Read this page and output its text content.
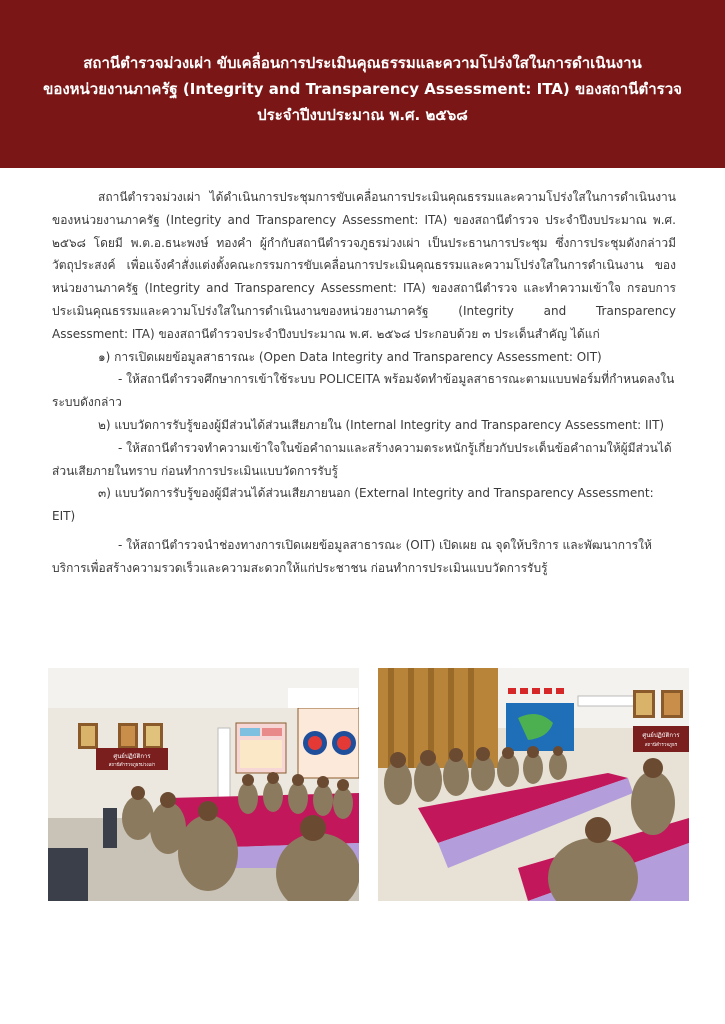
สถานีตำรวจม่วงเผ่า ขับเคลื่อนการประเมินคุณธรรมและความโปร่งใสในการดำเนินงาน
ของหน่วยงานภาครัฐ (Integrity and Transparency Assessment: ITA) ของสถานีตำรวจ
ประจำปีงบประมาณ พ.ศ. ๒๕๖๘

สถานีตำรวจม่วงเผ่า ได้ดำเนินการประชุมการขับเคลื่อนการประเมินคุณธรรมและความโปร่งใสในการดำเนินงานของหน่วยงานภาครัฐ (Integrity and Transparency Assessment: ITA) ของสถานีตำรวจ ประจำปีงบประมาณ พ.ศ. ๒๕๖๘ โดยมี พ.ต.อ.ธนะพงษ์ ทองคำ ผู้กำกับสถานีตำรวจภูธรม่วงเผ่า เป็นประธานการประชุม ซึ่งการประชุมดังกล่าวมีวัตถุประสงค์ เพื่อแจ้งคำสั่งแต่งตั้งคณะกรรมการขับเคลื่อนการประเมินคุณธรรมและความโปร่งใสในการดำเนินงาน ของหน่วยงานภาครัฐ (Integrity and Transparency Assessment: ITA) ของสถานีตำรวจ และทำความเข้าใจ กรอบการประเมินคุณธรรมและความโปร่งใสในการดำเนินงานของหน่วยงานภาครัฐ (Integrity and Transparency Assessment: ITA) ของสถานีตำรวจประจำปีงบประมาณ พ.ศ. ๒๕๖๘ ประกอบด้วย ๓ ประเด็นสำคัญ ได้แก่

๑) การเปิดเผยข้อมูลสาธารณะ (Open Data Integrity and Transparency Assessment: OIT)

- ให้สถานีตำรวจศึกษาการเข้าใช้ระบบ POLICEITA พร้อมจัดทำข้อมูลสาธารณะตามแบบฟอร์มที่กำหนดลงในระบบดังกล่าว

๒) แบบวัดการรับรู้ของผู้มีส่วนได้ส่วนเสียภายใน (Internal Integrity and Transparency Assessment: IIT)

- ให้สถานีตำรวจทำความเข้าใจในข้อคำถามและสร้างความตระหนักรู้เกี่ยวกับประเด็นข้อคำถามให้ผู้มีส่วนได้ส่วนเสียภายในทราบ ก่อนทำการประเมินแบบวัดการรับรู้

๓) แบบวัดการรับรู้ของผู้มีส่วนได้ส่วนเสียภายนอก (External Integrity and Transparency Assessment: EIT)

- ให้สถานีตำรวจนำช่องทางการเปิดเผยข้อมูลสาธารณะ (OIT) เปิดเผย ณ จุดให้บริการ และพัฒนาการให้บริการเพื่อสร้างความรวดเร็วและความสะดวกให้แก่ประชาชน ก่อนทำการประเมินแบบวัดการรับรู้

ศูนย์ปฏิบัติการ
สถานีตำรวจภูธรม่วงเผ่า
ศูนย์ปฏิบัติการ
สถานีตำรวจภูธร
